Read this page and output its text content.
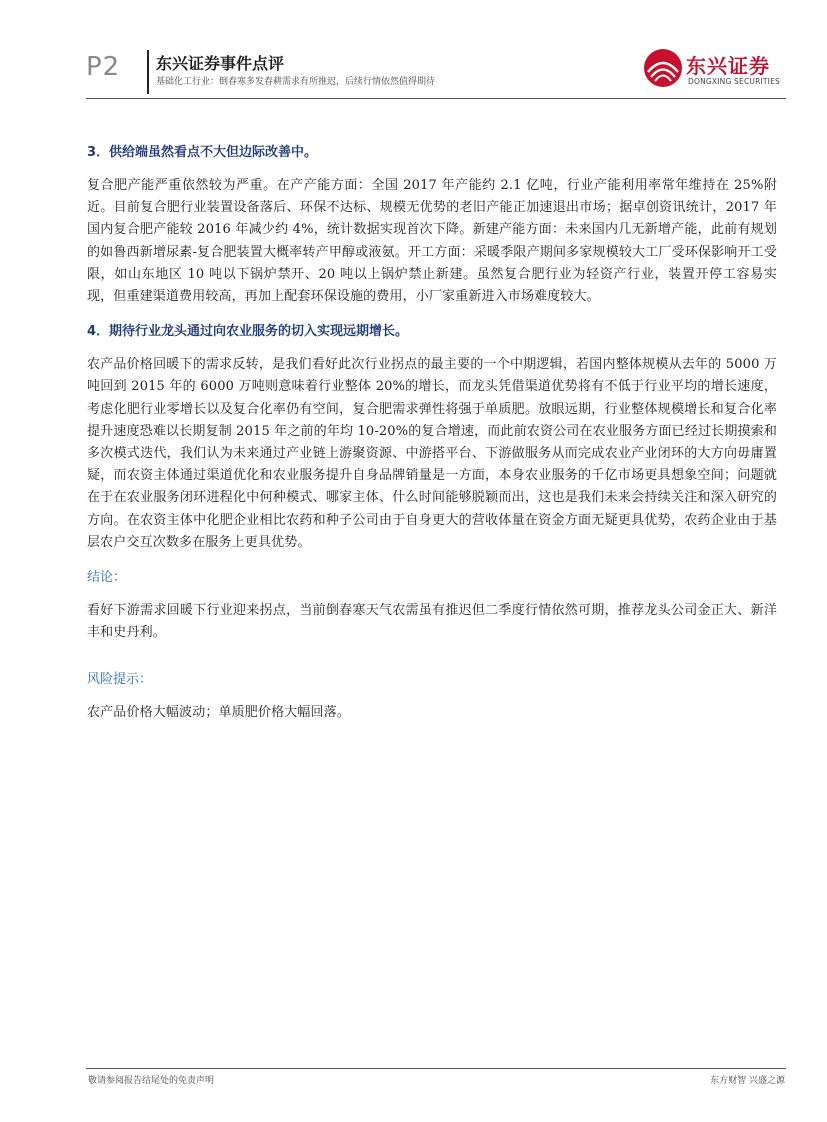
P2 东兴证券事件点评
基础化工行业：倒春寒多发春耕需求有所推迟，后续行情依然值得期待
东兴证券
DONGXING SECURITIES
3．供给端虽然看点不大但边际改善中。

复合肥产能严重依然较为严重。在产产能方面：全国 2017 年产能约 2.1 亿吨，行业产能利用率常年维持在 25%附近。目前复合肥行业装置设备落后、环保不达标、规模无优势的老旧产能正加速退出市场；据卓创资讯统计，2017 年国内复合肥产能较 2016 年减少约 4%，统计数据实现首次下降。新建产能方面：未来国内几无新增产能，此前有规划的如鲁西新增尿素-复合肥装置大概率转产甲醇或液氨。开工方面：采暖季限产期间多家规模较大工厂受环保影响开工受限，如山东地区 10 吨以下锅炉禁开、20 吨以上锅炉禁止新建。虽然复合肥行业为轻资产行业，装置开停工容易实现，但重建渠道费用较高，再加上配套环保设施的费用，小厂家重新进入市场难度较大。

4．期待行业龙头通过向农业服务的切入实现远期增长。

农产品价格回暖下的需求反转，是我们看好此次行业拐点的最主要的一个中期逻辑，若国内整体规模从去年的 5000 万吨回到 2015 年的 6000 万吨则意味着行业整体 20%的增长，而龙头凭借渠道优势将有不低于行业平均的增长速度，考虑化肥行业零增长以及复合化率仍有空间，复合肥需求弹性将强于单质肥。放眼远期，行业整体规模增长和复合化率提升速度恐难以长期复制 2015 年之前的年均 10-20%的复合增速，而此前农资公司在农业服务方面已经过长期摸索和多次模式迭代，我们认为未来通过产业链上游聚资源、中游搭平台、下游做服务从而完成农业产业闭环的大方向毋庸置疑，而农资主体通过渠道优化和农业服务提升自身品牌销量是一方面，本身农业服务的千亿市场更具想象空间；问题就在于在农业服务闭环进程化中何种模式、哪家主体、什么时间能够脱颖而出，这也是我们未来会持续关注和深入研究的方向。在农资主体中化肥企业相比农药和种子公司由于自身更大的营收体量在资金方面无疑更具优势，农药企业由于基层农户交互次数多在服务上更具优势。

结论：

看好下游需求回暖下行业迎来拐点，当前倒春寒天气农需虽有推迟但二季度行情依然可期，推荐龙头公司金正大、新洋丰和史丹利。

风险提示：

农产品价格大幅波动；单质肥价格大幅回落。

敬请参阅报告结尾处的免责声明	东方财智 兴盛之源
